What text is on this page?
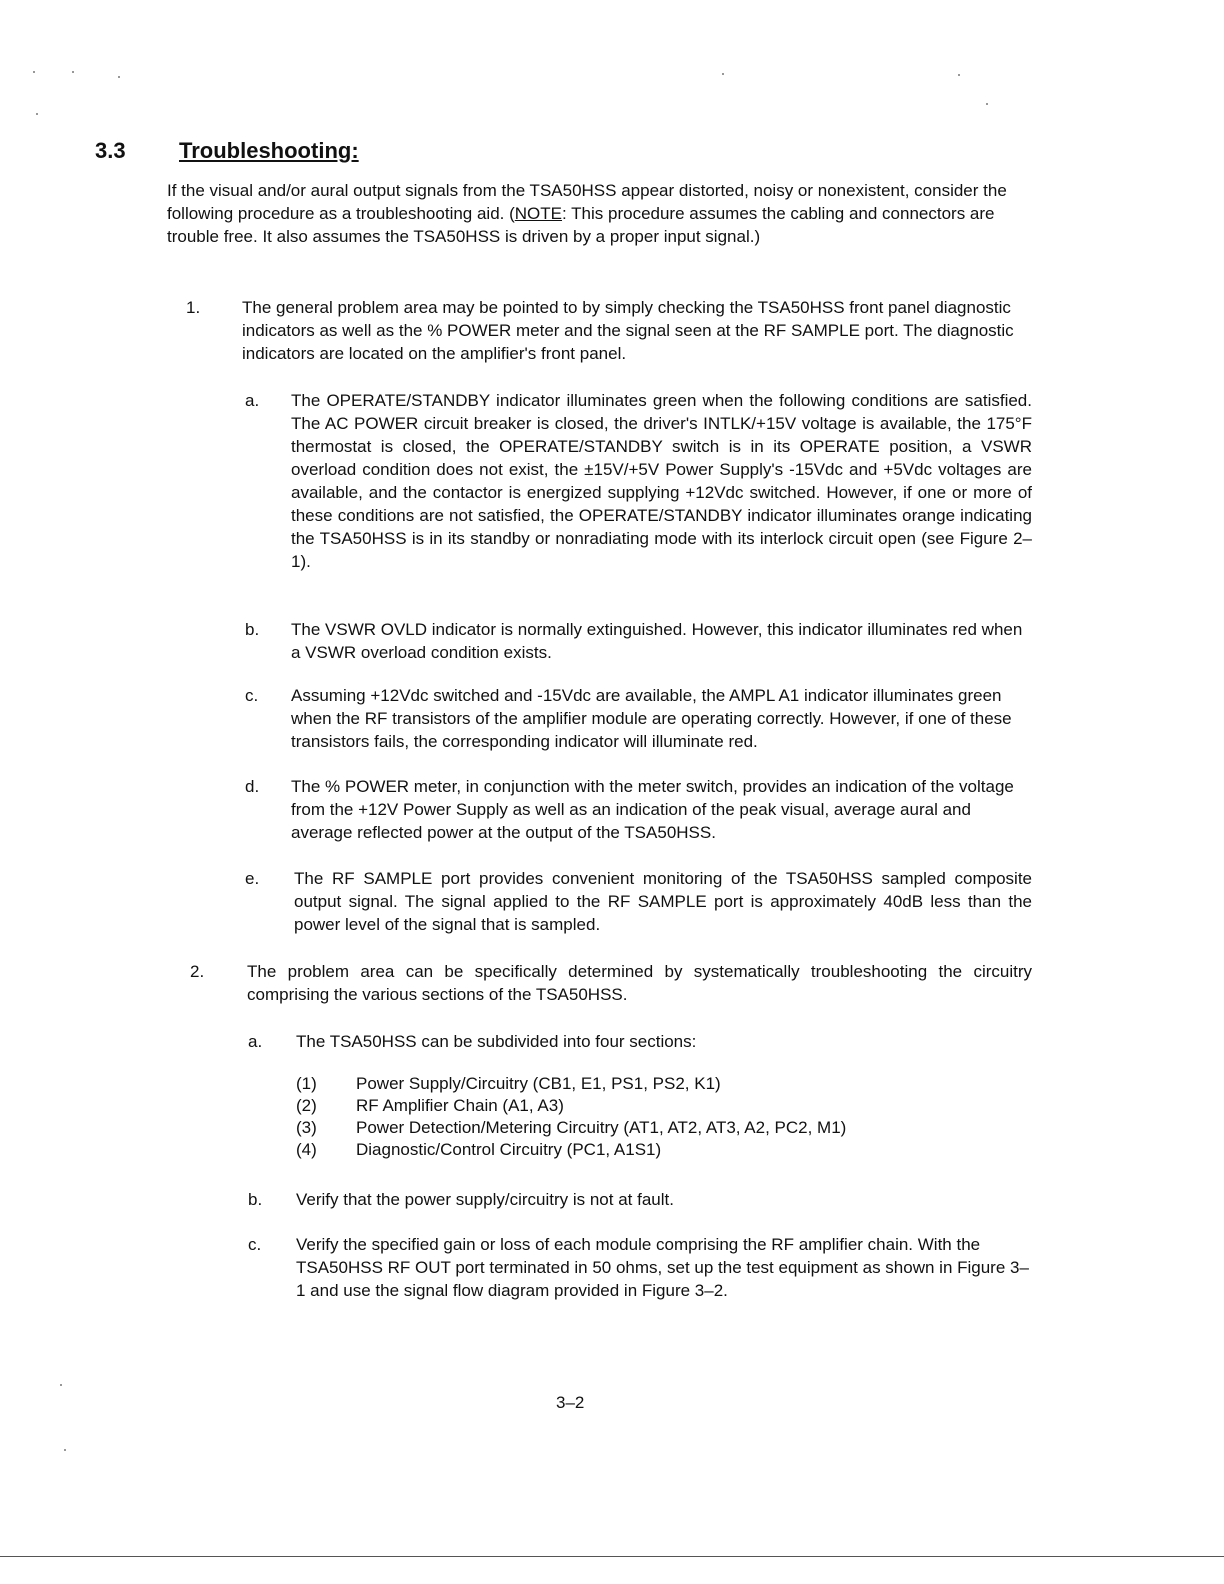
3.3 Troubleshooting:

If the visual and/or aural output signals from the TSA50HSS appear distorted, noisy or nonexistent, consider the following procedure as a troubleshooting aid. (NOTE: This procedure assumes the cabling and connectors are trouble free. It also assumes the TSA50HSS is driven by a proper input signal.)

1. The general problem area may be pointed to by simply checking the TSA50HSS front panel diagnostic indicators as well as the % POWER meter and the signal seen at the RF SAMPLE port. The diagnostic indicators are located on the amplifier's front panel.
a. The OPERATE/STANDBY indicator illuminates green when the following conditions are satisfied. The AC POWER circuit breaker is closed, the driver's INTLK/+15V voltage is available, the 175°F thermostat is closed, the OPERATE/STANDBY switch is in its OPERATE position, a VSWR overload condition does not exist, the ±15V/+5V Power Supply's -15Vdc and +5Vdc voltages are available, and the contactor is energized supplying +12Vdc switched. However, if one or more of these conditions are not satisfied, the OPERATE/STANDBY indicator illuminates orange indicating the TSA50HSS is in its standby or nonradiating mode with its interlock circuit open (see Figure 2–1).
b. The VSWR OVLD indicator is normally extinguished. However, this indicator illuminates red when a VSWR overload condition exists.
c. Assuming +12Vdc switched and -15Vdc are available, the AMPL A1 indicator illuminates green when the RF transistors of the amplifier module are operating correctly. However, if one of these transistors fails, the corresponding indicator will illuminate red.
d. The % POWER meter, in conjunction with the meter switch, provides an indication of the voltage from the +12V Power Supply as well as an indication of the peak visual, average aural and average reflected power at the output of the TSA50HSS.
e. The RF SAMPLE port provides convenient monitoring of the TSA50HSS sampled composite output signal. The signal applied to the RF SAMPLE port is approximately 40dB less than the power level of the signal that is sampled.
2.	The problem area can be specifically determined by systematically troubleshooting the circuitry comprising the various sections of the TSA50HSS.
a. The TSA50HSS can be subdivided into four sections:
(1) Power Supply/Circuitry (CB1, E1, PS1, PS2, K1)
(2) RF Amplifier Chain (A1, A3)
(3) Power Detection/Metering Circuitry (AT1, AT2, AT3, A2, PC2, M1)
(4) Diagnostic/Control Circuitry (PC1, A1S1)
b. Verify that the power supply/circuitry is not at fault.
c. Verify the specified gain or loss of each module comprising the RF amplifier chain. With the TSA50HSS RF OUT port terminated in 50 ohms, set up the test equipment as shown in Figure 3–1 and use the signal flow diagram provided in Figure 3–2.
3–2
